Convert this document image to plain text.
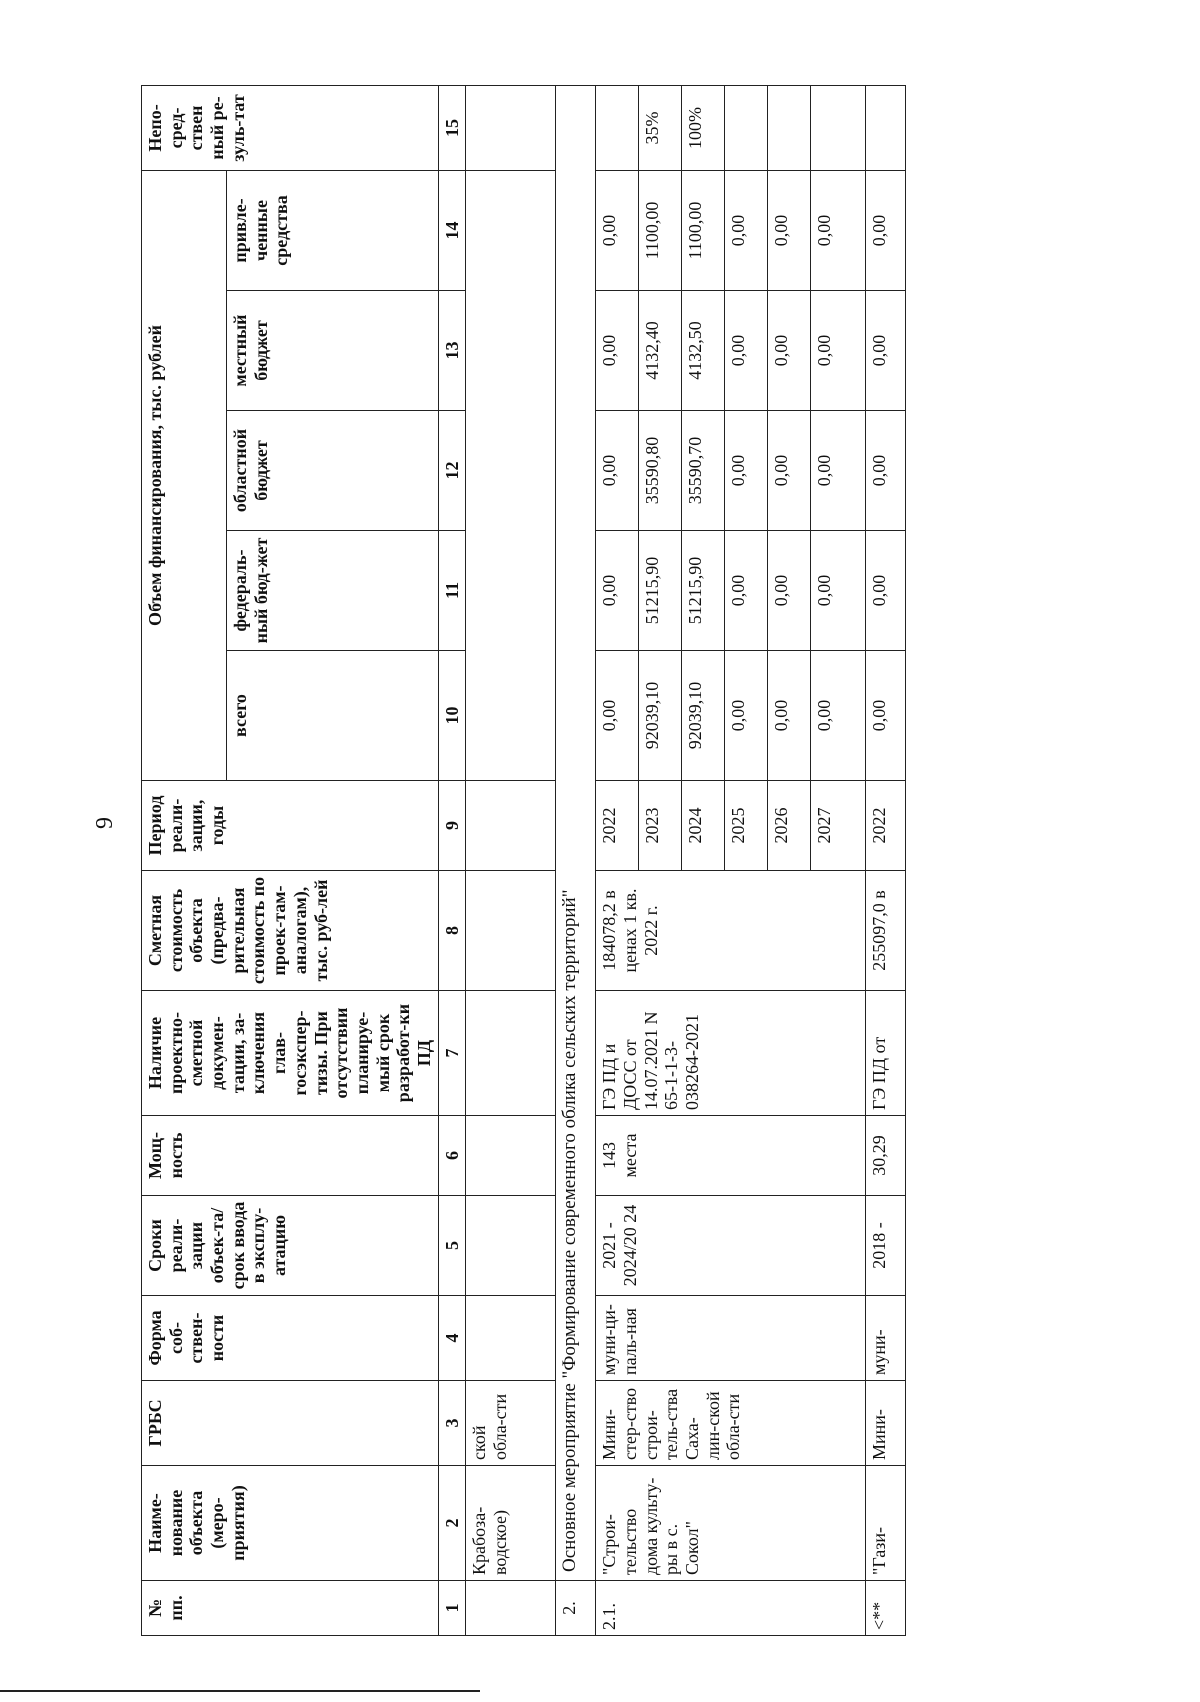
9
№ пп.	Наиме-нование объекта (меро-приятия)	ГРБС	Форма соб-ствен-ности	Сроки реали-зации объек-та/срок ввода в эксплу-атацию	Мощ-ность	Наличие проектно-сметной докумен-тации, за-ключения глав-госэкспер-тизы. При отсутствии планируе-мый срок разработ-ки ПД	Сметная стоимость объекта (предва-рительная стоимость по проек-там-аналогам), тыс. руб-лей	Период реали-зации, годы	Объем финансирования, тыс. рублей					Непо-сред-ствен ный ре-зуль-тат
									всего	федераль-ный бюд-жет	областной бюджет	местный бюджет	привле-ченные средства	
1	2	3	4	5	6	7	8	9	10	11	12	13	14	15
	Крабоза-водское)	ской обла-сти												
2.	Основное мероприятие "Формирование современного облика сельских территорий"													
2.1.	"Строи-тельство дома культу-ры в с. Сокол"	Мини-стер-ство строи-тель-ства Саха-лин-ской обла-сти	муни-ци-паль-ная	2021 - 2024/20 24	143 места	ГЭ ПД и ДОСС от 14.07.2021 N 65-1-1-3-038264-2021	184078,2 в ценах 1 кв. 2022 г.	2022	0,00	0,00	0,00	0,00	0,00	
								2023	92039,10	51215,90	35590,80	4132,40	1100,00	35%
								2024	92039,10	51215,90	35590,70	4132,50	1100,00	100%
								2025	0,00	0,00	0,00	0,00	0,00	
								2026	0,00	0,00	0,00	0,00	0,00	
								2027	0,00	0,00	0,00	0,00	0,00	
<**	"Гази-	Мини-	муни-	2018 -	30,29	ГЭ ПД от	255097,0 в	2022	0,00	0,00	0,00	0,00	0,00	
